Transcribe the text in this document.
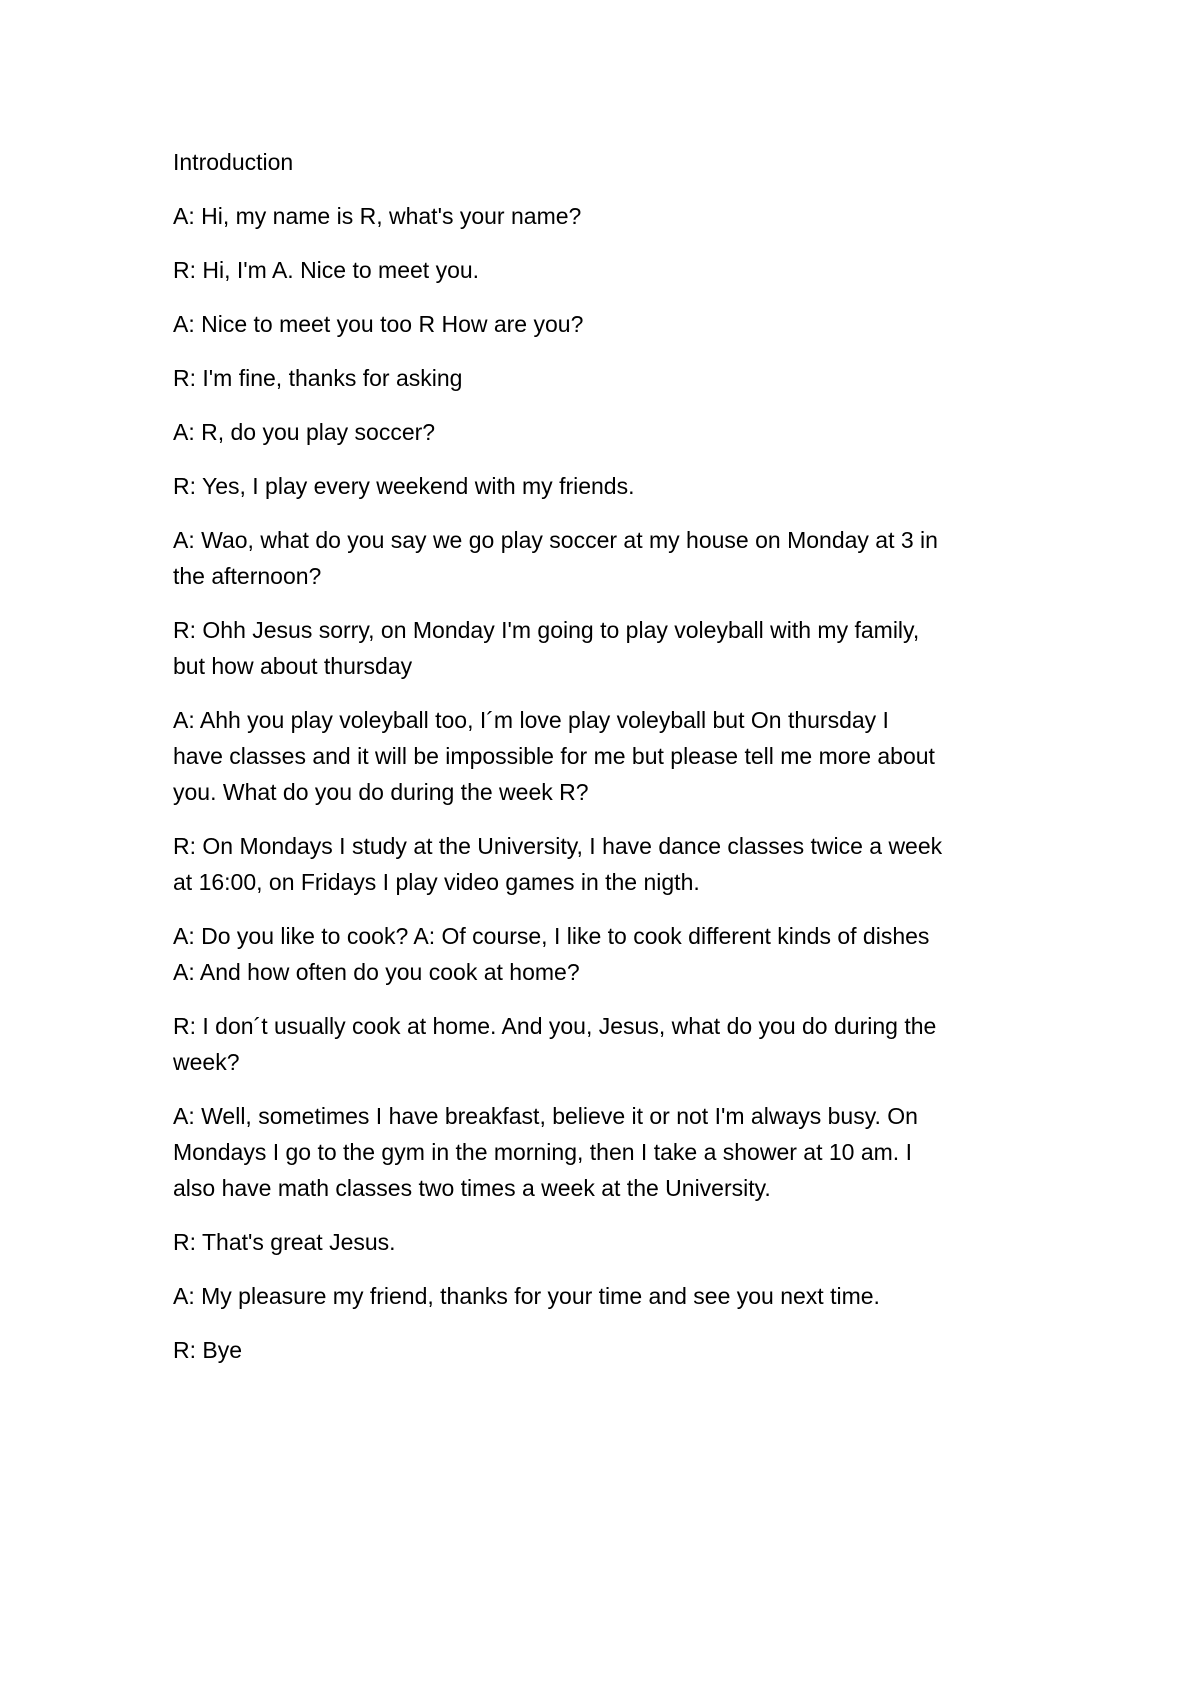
Introduction

A: Hi, my name is R, what's your name?

R: Hi, I'm A. Nice to meet you.

A: Nice to meet you too R How are you?

R: I'm fine, thanks for asking

A: R, do you play soccer?

R: Yes, I play every weekend with my friends.

A: Wao, what do you say we go play soccer at my house on Monday at 3 in
the afternoon?

R: Ohh Jesus sorry, on Monday I'm going to play voleyball with my family,
but how about thursday

A: Ahh you play voleyball too, I´m love play voleyball but On thursday I
have classes and it will be impossible for me but please tell me more about
you. What do you do during the week R?

R: On Mondays I study at the University, I have dance classes twice a week
at 16:00, on Fridays I play video games in the nigth.

A: Do you like to cook? A: Of course, I like to cook different kinds of dishes
A: And how often do you cook at home?

R: I don´t usually cook at home. And you, Jesus, what do you do during the
week?

A: Well, sometimes I have breakfast, believe it or not I'm always busy. On
Mondays I go to the gym in the morning, then I take a shower at 10 am. I
also have math classes two times a week at the University.

R: That's great Jesus.

A: My pleasure my friend, thanks for your time and see you next time.

R: Bye
